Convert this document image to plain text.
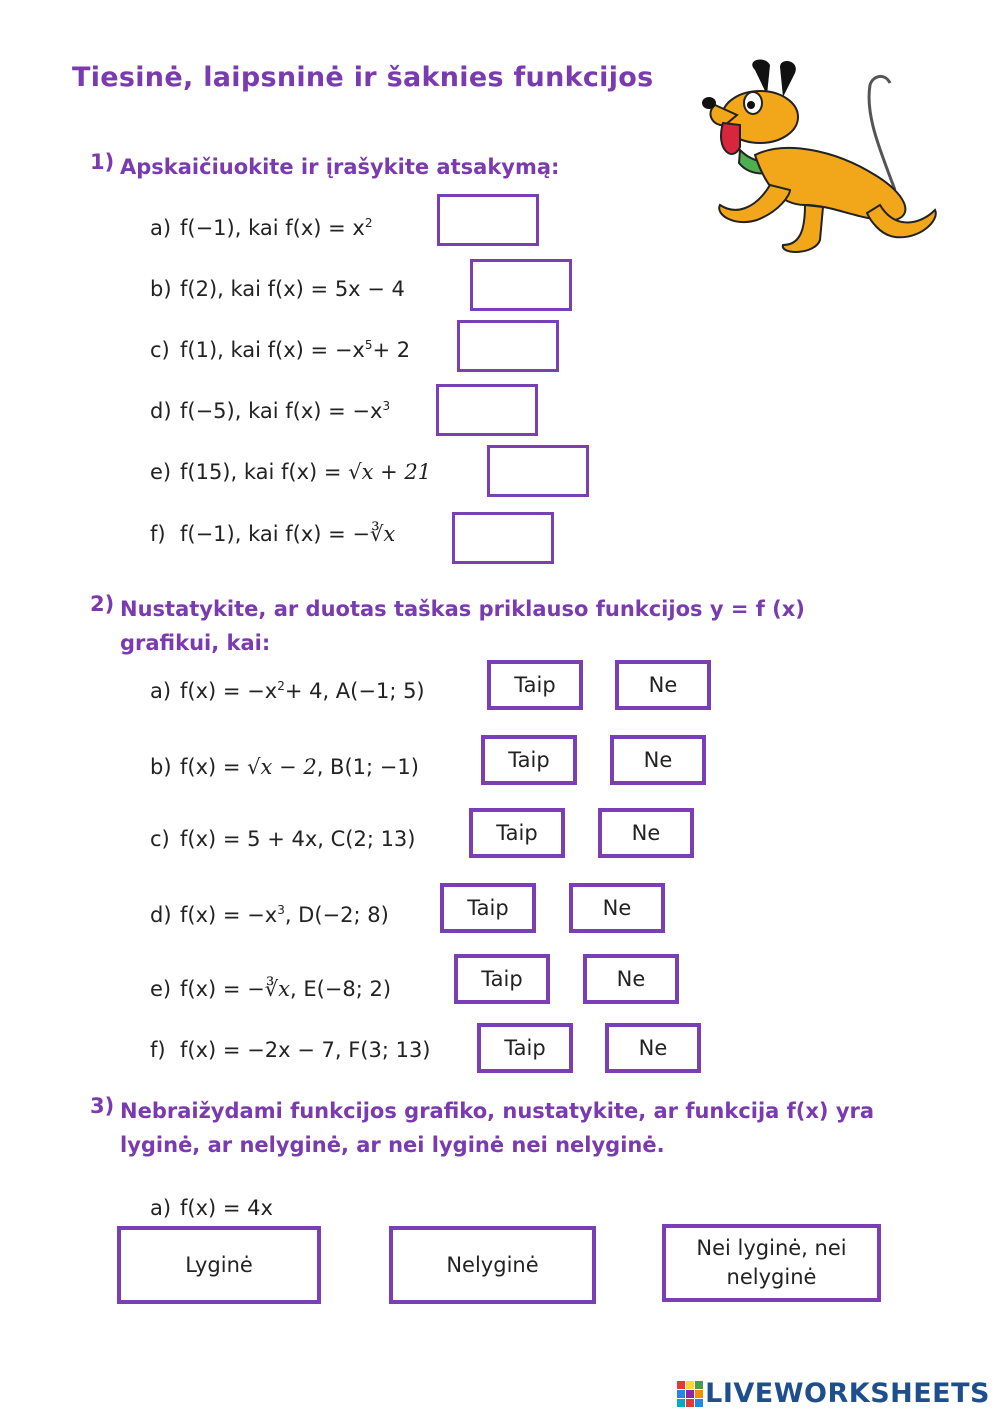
Tiesinė, laipsninė ir šaknies funkcijos
1) Apskaičiuokite ir įrašykite atsakymą:
a) f(−1), kai $f(x) = x^2$
b) f(2), kai f(x) = 5x − 4
c) f(1), kai $f(x) = -x^5+ 2$
d) f(−5), kai $f(x) = -x^3$
e) f(15), kai f(x) = √x + 21
f) f(−1), kai f(x) = −∛x
2) Nustatykite, ar duotas taškas priklauso funkcijos y = f (x)
grafikui, kai:
a) $f(x) = -x^2+ 4$, A(−1; 5)	Taip	Ne
b) f(x) = √x − 2, B(1; −1)	Taip	Ne
c) f(x) = 5 + 4x, C(2; 13)	Taip	Ne
d) $f(x) = -x^3$, D(−2; 8)	Taip	Ne
e) f(x) = −∛x, E(−8; 2)	Taip	Ne
f) f(x) = −2x − 7, F(3; 13)	Taip	Ne
3) Nebraižydami funkcijos grafiko, nustatykite, ar funkcija f(x) yra
lyginė, ar nelyginė, ar nei lyginė nei nelyginė.
a) f(x) = 4x
Lyginė	Nelyginė
Nei lyginė, nei
nelyginė
LIVEWORKSHEETS
